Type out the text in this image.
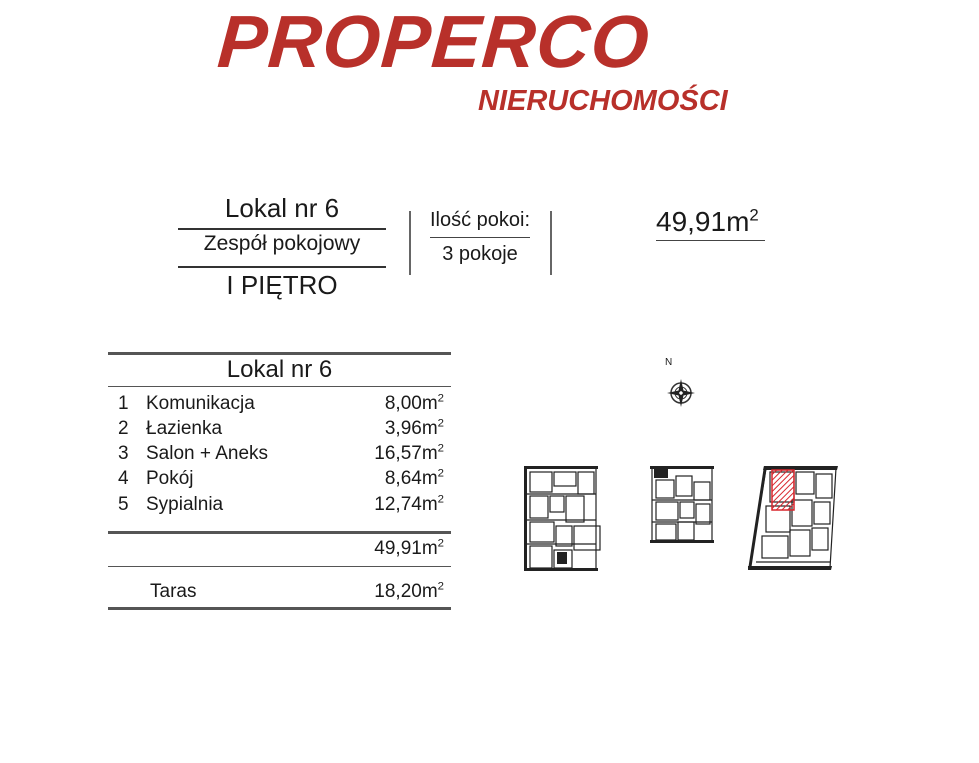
PROPERCO
NIERUCHOMOŚCI
Lokal nr 6
Zespół pokojowy
I PIĘTRO
Ilość pokoi:
3 pokoje
$49,91m^2$
Lokal nr 6
1 Komunikacja	$8,00m^2$
2 Łazienka	$3,96m^2$
3 Salon + Aneks	$16,57m^2$
4 Pokój	$8,64m^2$
5 Sypialnia	$12,74m^2$
$49,91m^2$
Taras	$18,20m^2$
N
